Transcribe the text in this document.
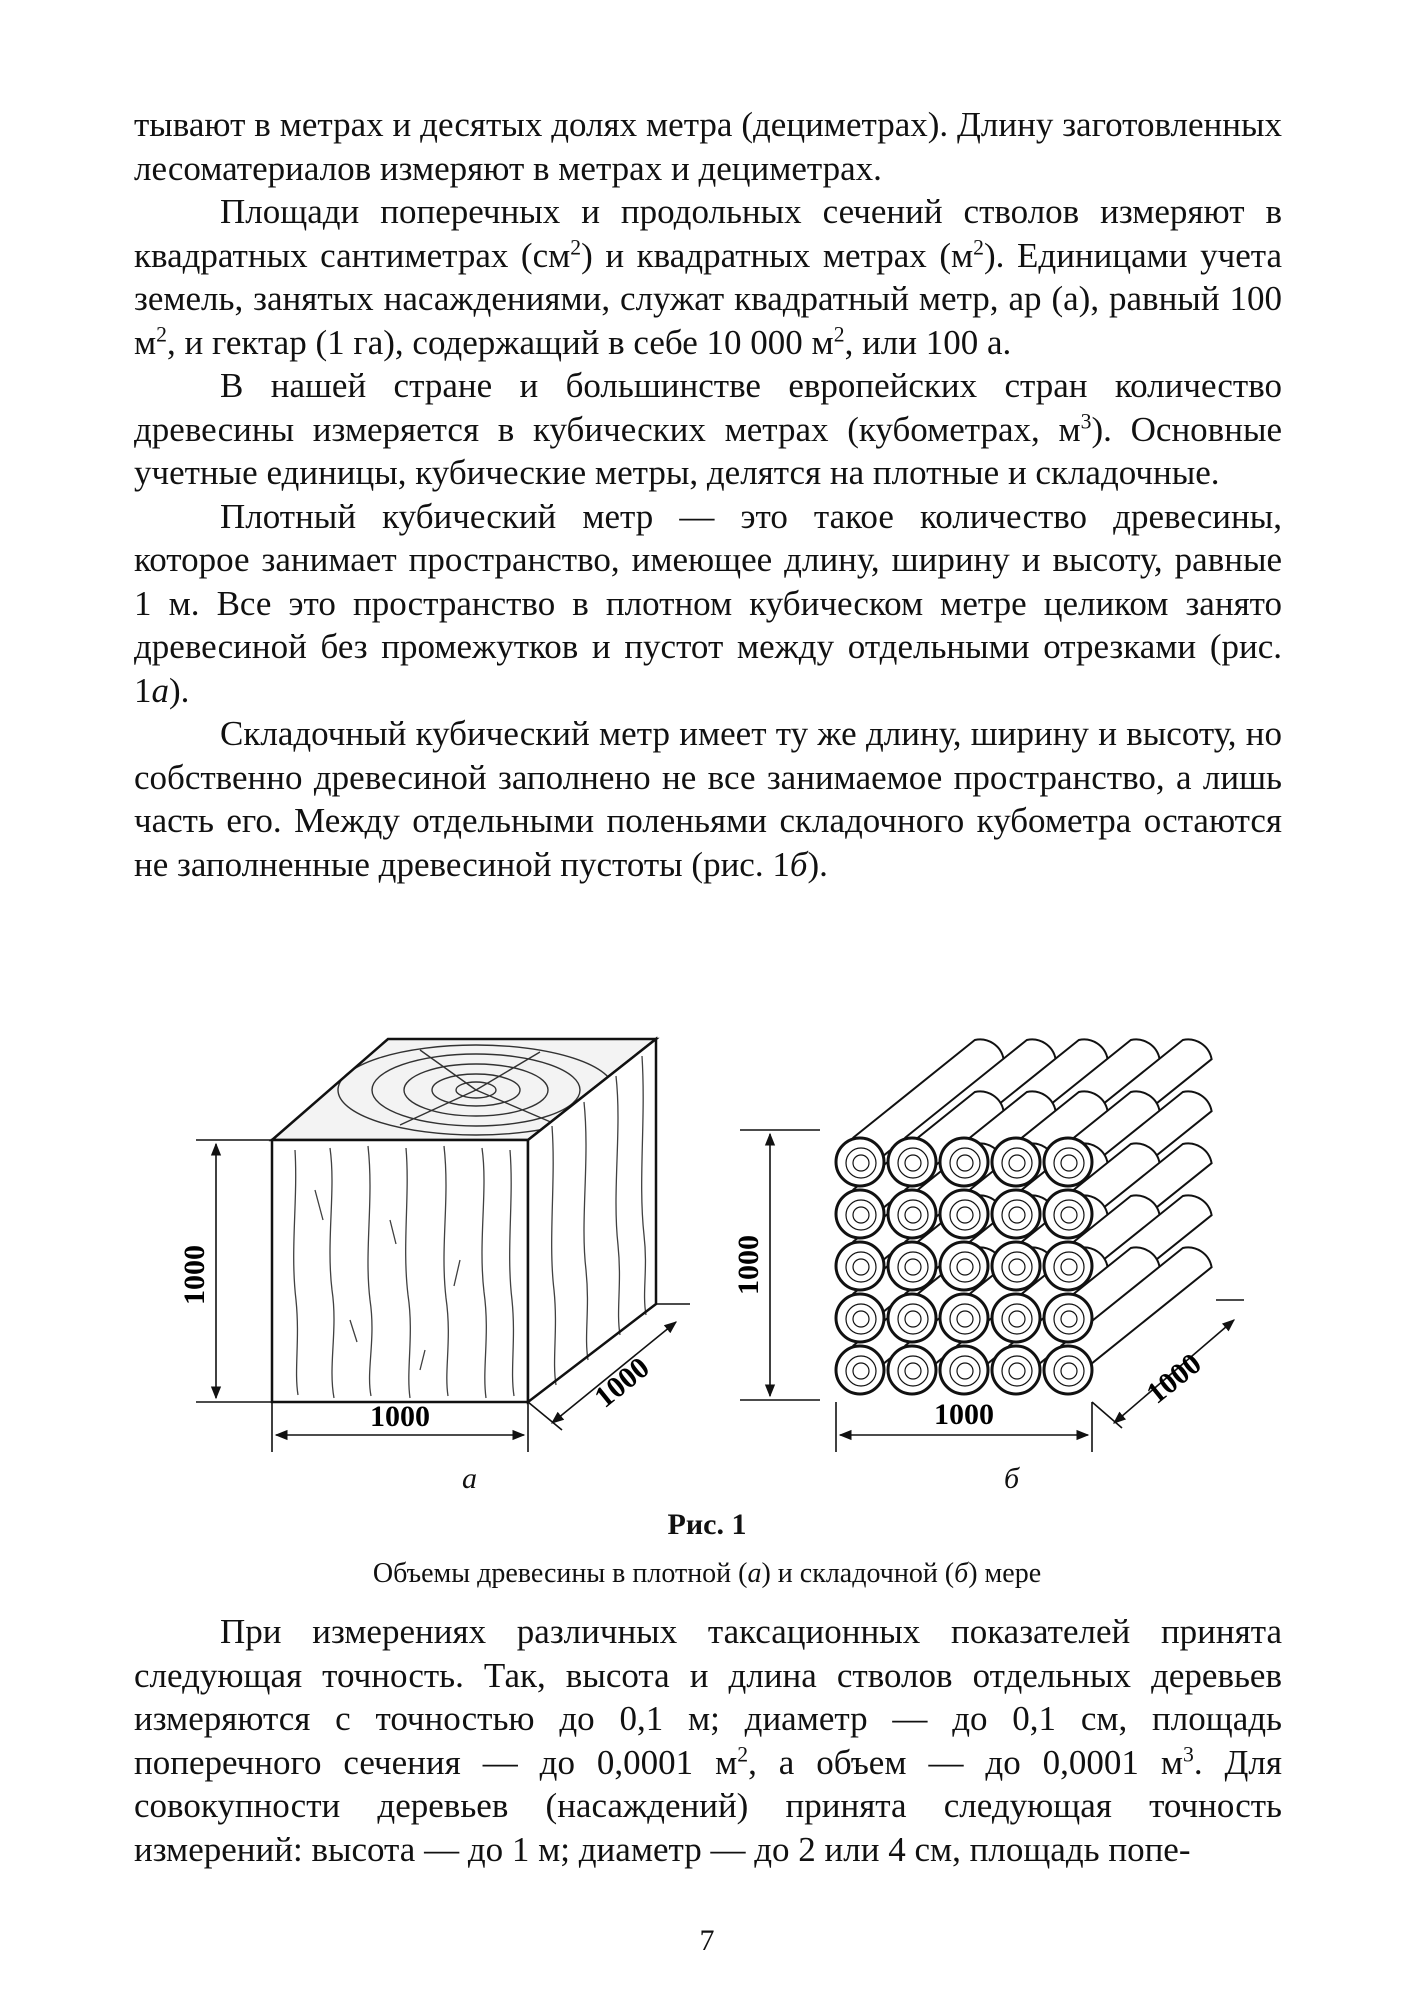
тывают в метрах и десятых долях метра (дециметрах). Длину заготовленных лесоматериалов измеряют в метрах и дециметрах.

Площади поперечных и продольных сечений стволов измеряют в квадратных сантиметрах $(см^2)$ и квадратных метрах $(м^2)$. Единицами учета земель, занятых насаждениями, служат квадратный метр, ар (а), равный 100 $м^2$, и гектар (1 га), содержащий в себе 10 000 $м^2$, или 100 а.

В нашей стране и большинстве европейских стран количество древесины измеряется в кубических метрах (кубометрах, $м^3$). Основные учетные единицы, кубические метры, делятся на плотные и складочные.

Плотный кубический метр — это такое количество древесины, которое занимает пространство, имеющее длину, ширину и высоту, равные 1 м. Все это пространство в плотном кубическом метре целиком занято древесиной без промежутков и пустот между отдельными отрезками (рис. 1а).

Складочный кубический метр имеет ту же длину, ширину и высоту, но собственно древесиной заполнено не все занимаемое пространство, а лишь часть его. Между отдельными поленьями складочного кубометра остаются не заполненные древесиной пустоты (рис. 1б).

1000
1000
1000
1000
1000
1000
а	б
Рис. 1
Объемы древесины в плотной (а) и складочной (б) мере

При измерениях различных таксационных показателей принята следующая точность. Так, высота и длина стволов отдельных деревьев измеряются с точностью до 0,1 м; диаметр — до 0,1 см, площадь поперечного сечения — до 0,0001 $м^2$, а объем — до 0,0001 $м^3$. Для совокупности деревьев (насаждений) принята следующая точность измерений: высота — до 1 м; диаметр — до 2 или 4 см, площадь попе-

7
